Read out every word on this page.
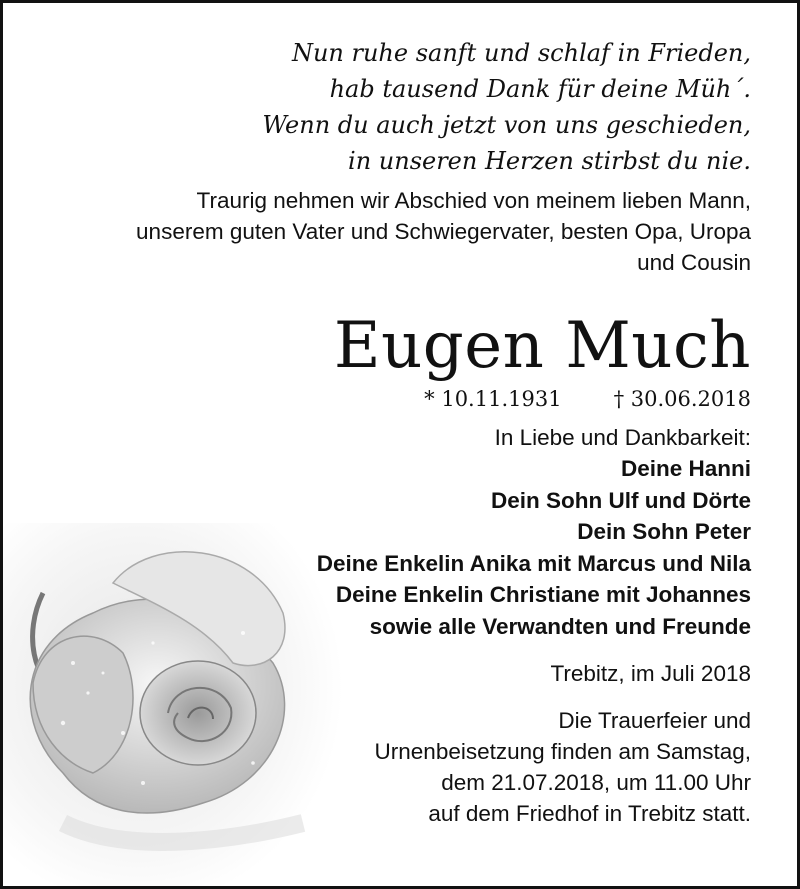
Nun ruhe sanft und schlaf in Frieden,
hab tausend Dank für deine Müh´.
Wenn du auch jetzt von uns geschieden,
in unseren Herzen stirbst du nie.
Traurig nehmen wir Abschied von meinem lieben Mann,
unserem guten Vater und Schwiegervater, besten Opa, Uropa
und Cousin
Eugen Much
* 10.11.1931 † 30.06.2018
In Liebe und Dankbarkeit:
Deine Hanni
Dein Sohn Ulf und Dörte
Dein Sohn Peter
Deine Enkelin Anika mit Marcus und Nila
Deine Enkelin Christiane mit Johannes
sowie alle Verwandten und Freunde
Trebitz, im Juli 2018
Die Trauerfeier und
Urnenbeisetzung finden am Samstag,
dem 21.07.2018, um 11.00 Uhr
auf dem Friedhof in Trebitz statt.
